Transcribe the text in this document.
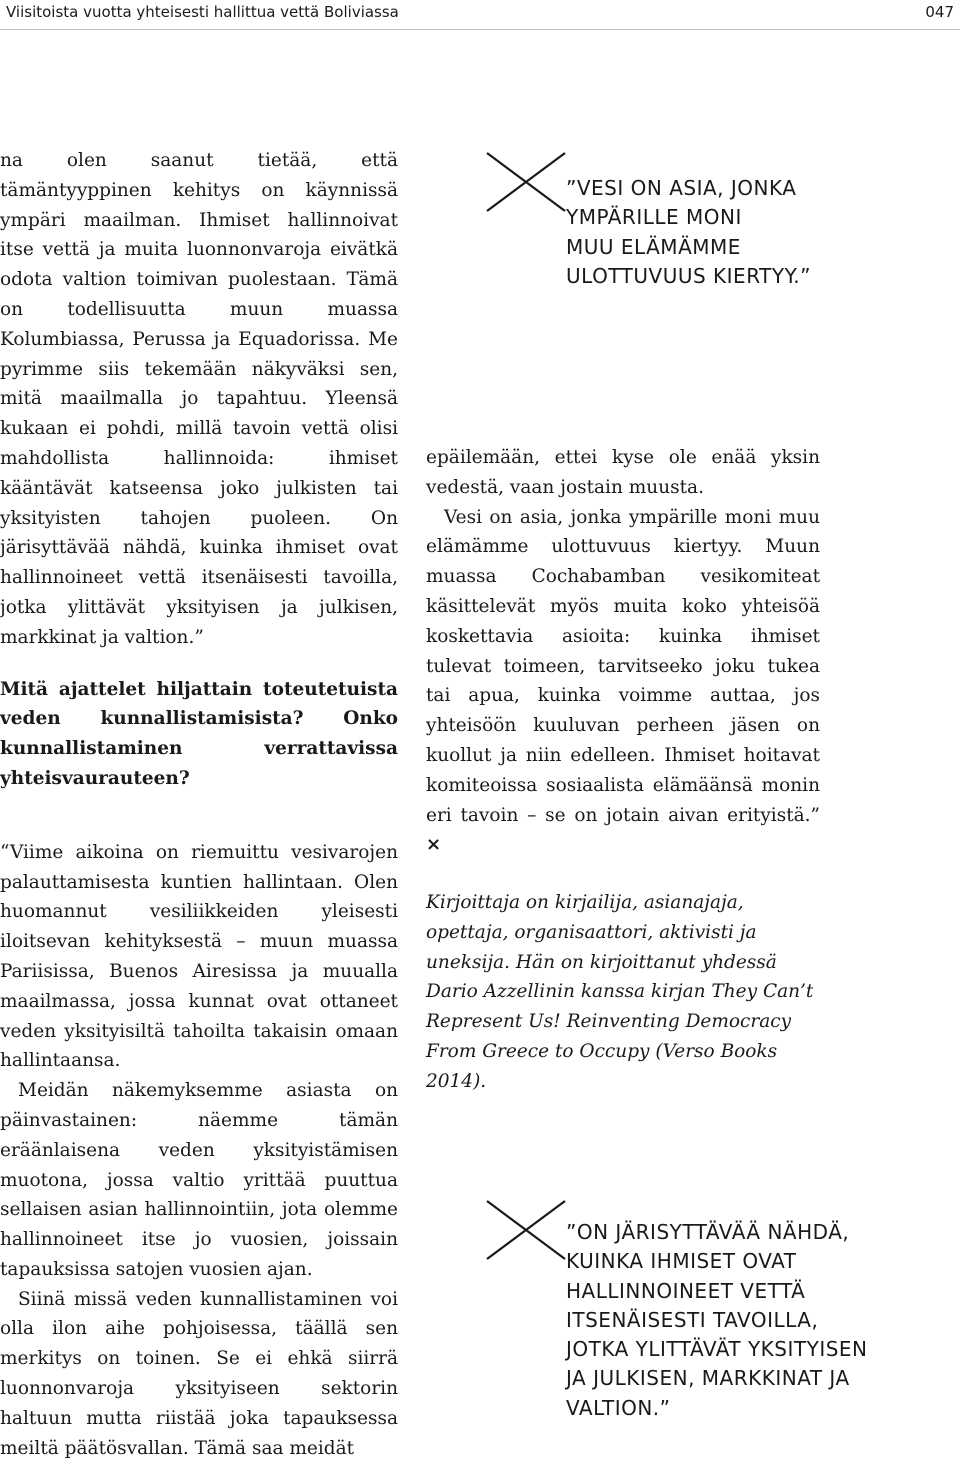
Viisitoista vuotta yhteisesti hallittua vettä Boliviassa	047

na olen saanut tietää, että tämäntyyppinen kehitys on käynnissä ympäri maailman. Ihmiset hallinnoivat itse vettä ja muita luonnonvaroja eivätkä odota valtion toimivan puolestaan. Tämä on todellisuutta muun muassa Kolumbiassa, Perussa ja Equadorissa. Me pyrimme siis tekemään näkyväksi sen, mitä maailmalla jo tapahtuu. Yleensä kukaan ei pohdi, millä tavoin vettä olisi mahdollista hallinnoida: ihmiset kääntävät katseensa joko julkisten tai yksityisten tahojen puoleen. On järisyttävää nähdä, kuinka ihmiset ovat hallinnoineet vettä itsenäisesti tavoilla, jotka ylittävät yksityisen ja julkisen, markkinat ja valtion.”

Mitä ajattelet hiljattain toteutetuista veden kunnallistamisista? Onko kunnallistaminen verrattavissa yhteisvaurauteen?

“Viime aikoina on riemuittu vesivarojen palauttamisesta kuntien hallintaan. Olen huomannut vesiliikkeiden yleisesti iloitsevan kehityksestä – muun muassa Pariisissa, Buenos Airesissa ja muualla maailmassa, jossa kunnat ovat ottaneet veden yksityisiltä tahoilta takaisin omaan hallintaansa.

Meidän näkemyksemme asiasta on päinvastainen: näemme tämän eräänlaisena veden yksityistämisen muotona, jossa valtio yrittää puuttua sellaisen asian hallinnointiin, jota olemme hallinnoineet itse jo vuosien, joissain tapauksissa satojen vuosien ajan.

Siinä missä veden kunnallistaminen voi olla ilon aihe pohjoisessa, täällä sen merkitys on toinen. Se ei ehkä siirrä luonnonvaroja yksityiseen sektorin haltuun mutta riistää joka tapauksessa meiltä päätösvallan. Tämä saa meidät

”VESI ON ASIA, JONKA
YMPÄRILLE MONI
MUU ELÄMÄMME
ULOTTUVUUS KIERTYY.”

epäilemään, ettei kyse ole enää yksin vedestä, vaan jostain muusta.

Vesi on asia, jonka ympärille moni muu elämämme ulottuvuus kiertyy. Muun muassa Cochabamban vesikomiteat käsittelevät myös muita koko yhteisöä koskettavia asioita: kuinka ihmiset tulevat toimeen, tarvitseeko joku tukea tai apua, kuinka voimme auttaa, jos yhteisöön kuuluvan perheen jäsen on kuollut ja niin edelleen. Ihmiset hoitavat komiteoissa sosiaalista elämäänsä monin eri tavoin – se on jotain aivan erityistä.” ×

Kirjoittaja on kirjailija, asianajaja, opettaja, organisaattori, aktivisti ja uneksija. Hän on kirjoittanut yhdessä Dario Azzellinin kanssa kirjan They Can’t Represent Us! Reinventing Democracy From Greece to Occupy (Verso Books 2014).
”ON JÄRISYTTÄVÄÄ NÄHDÄ,
KUINKA IHMISET OVAT
HALLINNOINEET VETTÄ
ITSENÄISESTI TAVOILLA,
JOTKA YLITTÄVÄT YKSITYISEN
JA JULKISEN, MARKKINAT JA
VALTION.”
